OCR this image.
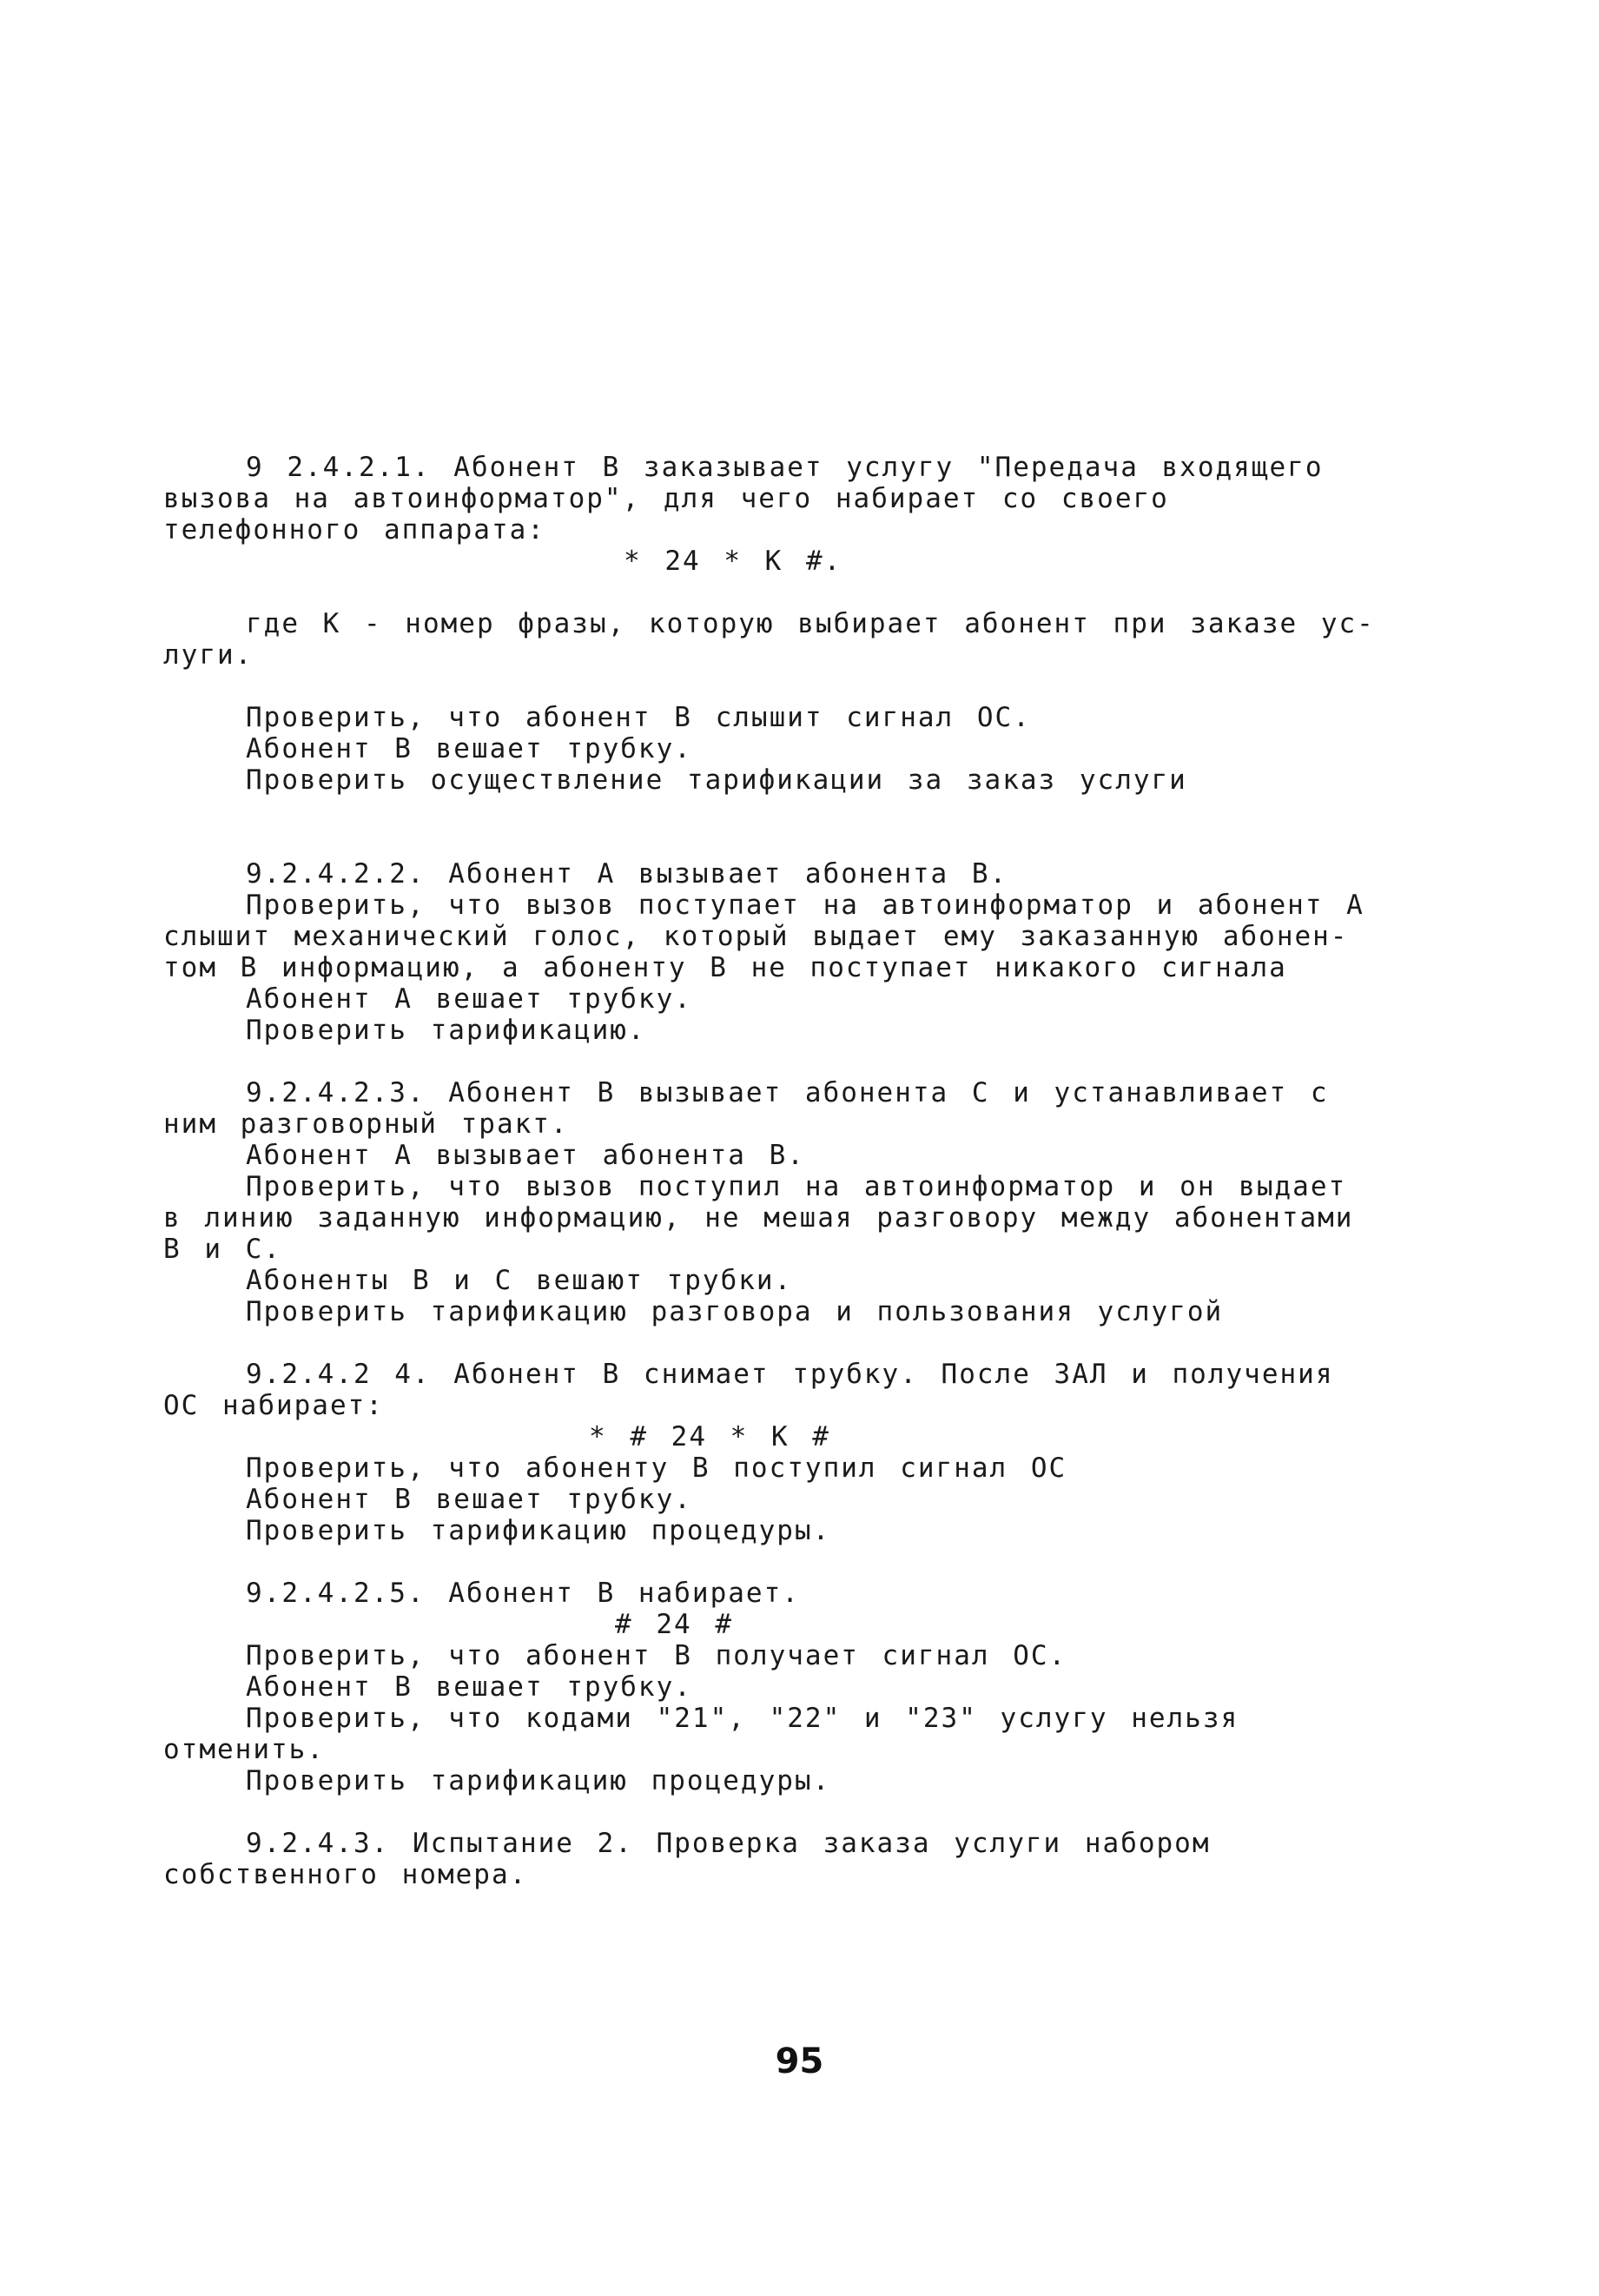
9 2.4.2.1. Абонент В заказывает услугу "Передача входящего
вызова на автоинформатор", для чего набирает со своего
телефонного аппарата:
* 24 * К #.
где К - номер фразы, которую выбирает абонент при заказе ус-
луги.
Проверить, что абонент В слышит сигнал ОС.
Абонент В вешает трубку.
Проверить осуществление тарификации за заказ услуги
9.2.4.2.2. Абонент А вызывает абонента В.
Проверить, что вызов поступает на автоинформатор и абонент А
слышит механический голос, который выдает ему заказанную абонен-
том В информацию, а абоненту В не поступает никакого сигнала
Абонент А вешает трубку.
Проверить тарификацию.
9.2.4.2.3. Абонент В вызывает абонента С и устанавливает с
ним разговорный тракт.
Абонент А вызывает абонента В.
Проверить, что вызов поступил на автоинформатор и он выдает
в линию заданную информацию, не мешая разговору между абонентами
В и С.
Абоненты В и С вешают трубки.
Проверить тарификацию разговора и пользования услугой
9.2.4.2 4. Абонент В снимает трубку. После ЗАЛ и получения
ОС набирает:
* # 24 * К #
Проверить, что абоненту В поступил сигнал ОС
Абонент В вешает трубку.
Проверить тарификацию процедуры.
9.2.4.2.5. Абонент В набирает.
# 24 #
Проверить, что абонент В получает сигнал ОС.
Абонент В вешает трубку.
Проверить, что кодами "21", "22" и "23" услугу нельзя
отменить.
Проверить тарификацию процедуры.
9.2.4.3. Испытание 2. Проверка заказа услуги набором
собственного номера.
95
